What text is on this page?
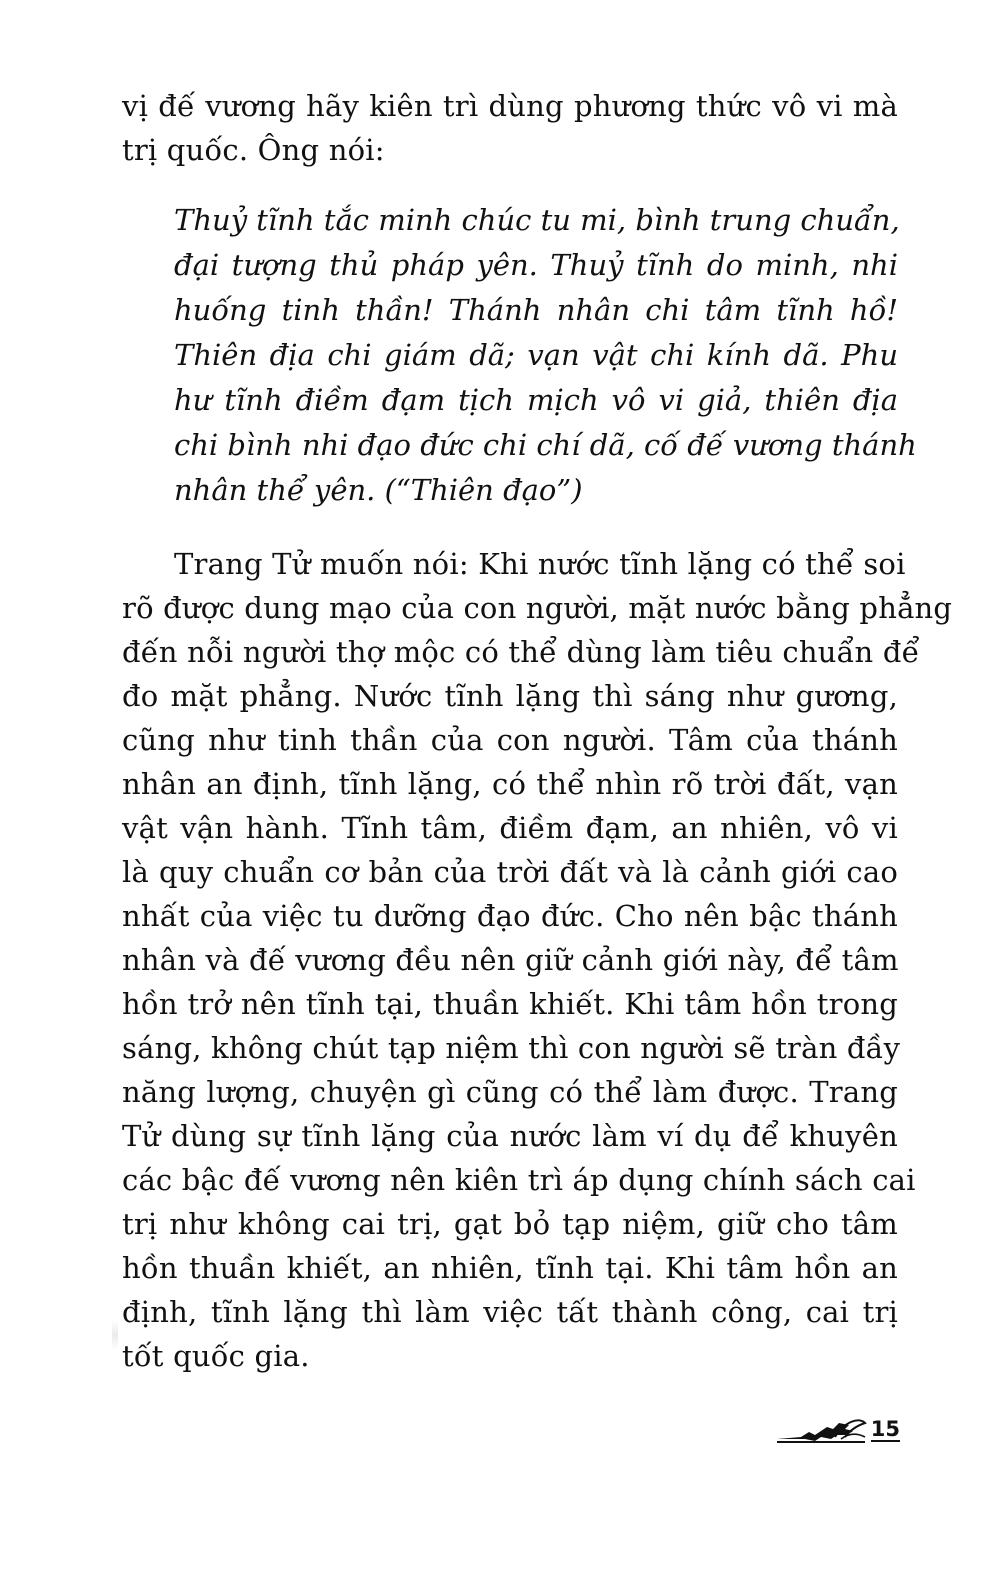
vị đế vương hãy kiên trì dùng phương thức vô vi mà
trị quốc. Ông nói:

Thuỷ tĩnh tắc minh chúc tu mi, bình trung chuẩn,
đại tượng thủ pháp yên. Thuỷ tĩnh do minh, nhi
huống tinh thần! Thánh nhân chi tâm tĩnh hồ!
Thiên địa chi giám dã; vạn vật chi kính dã. Phu
hư tĩnh điềm đạm tịch mịch vô vi giả, thiên địa
chi bình nhi đạo đức chi chí dã, cố đế vương thánh
nhân thể yên. (“Thiên đạo”)

Trang Tử muốn nói: Khi nước tĩnh lặng có thể soi
rõ được dung mạo của con người, mặt nước bằng phẳng
đến nỗi người thợ mộc có thể dùng làm tiêu chuẩn để
đo mặt phẳng. Nước tĩnh lặng thì sáng như gương,
cũng như tinh thần của con người. Tâm của thánh
nhân an định, tĩnh lặng, có thể nhìn rõ trời đất, vạn
vật vận hành. Tĩnh tâm, điềm đạm, an nhiên, vô vi
là quy chuẩn cơ bản của trời đất và là cảnh giới cao
nhất của việc tu dưỡng đạo đức. Cho nên bậc thánh
nhân và đế vương đều nên giữ cảnh giới này, để tâm
hồn trở nên tĩnh tại, thuần khiết. Khi tâm hồn trong
sáng, không chút tạp niệm thì con người sẽ tràn đầy
năng lượng, chuyện gì cũng có thể làm được. Trang
Tử dùng sự tĩnh lặng của nước làm ví dụ để khuyên
các bậc đế vương nên kiên trì áp dụng chính sách cai
trị như không cai trị, gạt bỏ tạp niệm, giữ cho tâm
hồn thuần khiết, an nhiên, tĩnh tại. Khi tâm hồn an
định, tĩnh lặng thì làm việc tất thành công, cai trị
tốt quốc gia.

15
